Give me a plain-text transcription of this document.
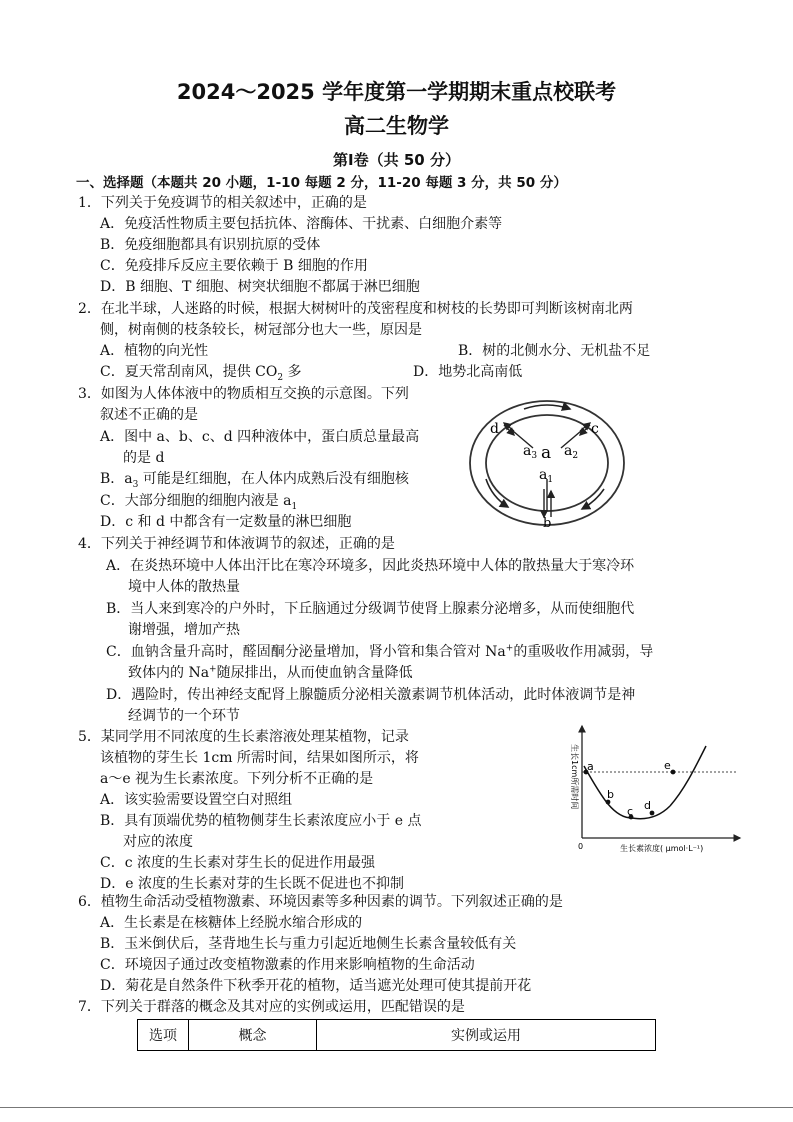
2024～2025 学年度第一学期期末重点校联考
高二生物学
第Ⅰ卷（共 50 分）
一、选择题（本题共 20 小题，1-10 每题 2 分，11-20 每题 3 分，共 50 分）
1．下列关于免疫调节的相关叙述中，正确的是
A．免疫活性物质主要包括抗体、溶酶体、干扰素、白细胞介素等
B．免疫细胞都具有识别抗原的受体
C．免疫排斥反应主要依赖于 B 细胞的作用
D．B 细胞、T 细胞、树突状细胞不都属于淋巴细胞
2．在北半球，人迷路的时候，根据大树树叶的茂密程度和树枝的长势即可判断该树南北两
侧，树南侧的枝条较长，树冠部分也大一些，原因是
A．植物的向光性	B．树的北侧水分、无机盐不足
C．夏天常刮南风，提供 $CO_2$ 多	D．地势北高南低
3．如图为人体体液中的物质相互交换的示意图。下列
叙述不正确的是
A．图中 a、b、c、d 四种液体中，蛋白质总量最高
的是 d
B．$a_3$ 可能是红细胞，在人体内成熟后没有细胞核
C．大部分细胞的细胞内液是 $a_1$
D．c 和 d 中都含有一定数量的淋巴细胞
d	c
a
$a_3$ $a_2$
$a_1$
b
4．下列关于神经调节和体液调节的叙述，正确的是
A．在炎热环境中人体出汗比在寒冷环境多，因此炎热环境中人体的散热量大于寒冷环
境中人体的散热量
B．当人来到寒冷的户外时，下丘脑通过分级调节使肾上腺素分泌增多，从而使细胞代
谢增强，增加产热
C．血钠含量升高时，醛固酮分泌量增加，肾小管和集合管对 Na+的重吸收作用减弱，导
致体内的 Na+随尿排出，从而使血钠含量降低
D．遇险时，传出神经支配肾上腺髓质分泌相关激素调节机体活动，此时体液调节是神
经调节的一个环节
5．某同学用不同浓度的生长素溶液处理某植物，记录
该植物的芽生长 1cm 所需时间，结果如图所示，将
a～e 视为生长素浓度。下列分析不正确的是
A．该实验需要设置空白对照组
B．具有顶端优势的植物侧芽生长素浓度应小于 e 点
对应的浓度
C．c 浓度的生长素对芽生长的促进作用最强
D．e 浓度的生长素对芽的生长既不促进也不抑制
a
b
c d
e
0	生长素浓度( μmol·L⁻¹)
生长1cm所需时间
6．植物生命活动受植物激素、环境因素等多种因素的调节。下列叙述正确的是
A．生长素是在核糖体上经脱水缩合形成的
B．玉米倒伏后，茎背地生长与重力引起近地侧生长素含量较低有关
C．环境因子通过改变植物激素的作用来影响植物的生命活动
D．菊花是自然条件下秋季开花的植物，适当遮光处理可使其提前开花
7．下列关于群落的概念及其对应的实例或运用，匹配错误的是
选项	概念	实例或运用
